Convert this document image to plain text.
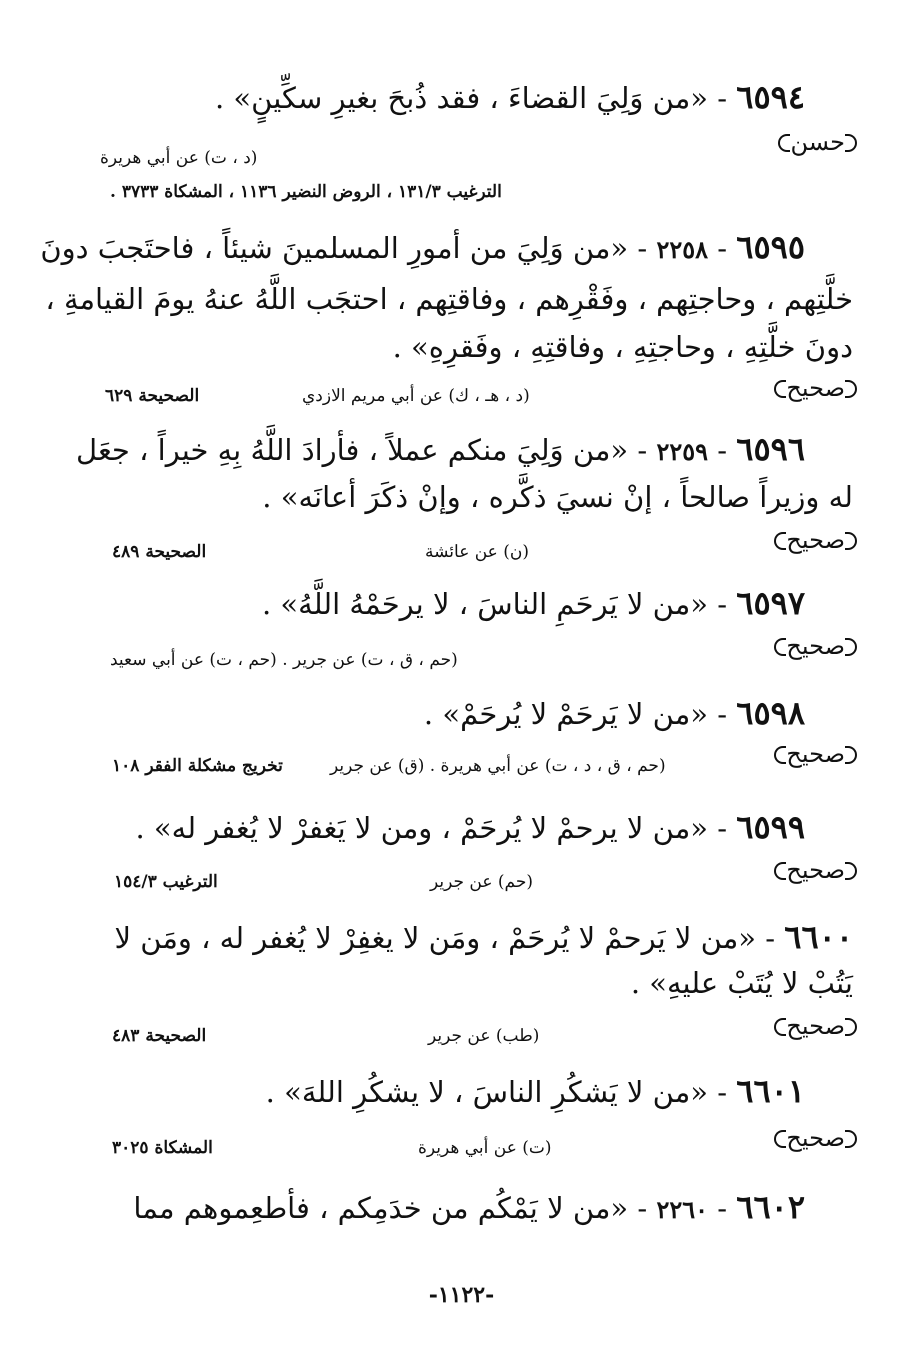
٦٥٩٤ - «من وَلِيَ القضاءَ ، فقد ذُبحَ بغيرِ سكِّينٍ» .
حسن
(د ، ت) عن أبي هريرة
الترغيب ١٣١/٣ ، الروض النضير ١١٣٦ ، المشكاة ٣٧٣٣ .
٦٥٩٥ - ٢٢٥٨ - «من وَلِيَ من أمورِ المسلمينَ شيئاً ، فاحتَجبَ دونَ
خلَّتِهم ، وحاجتِهم ، وفَقْرِهم ، وفاقتِهم ، احتجَب اللَّهُ عنهُ يومَ القيامةِ ،
دونَ خلَّتِهِ ، وحاجتِهِ ، وفاقتِهِ ، وفَقرِهِ» .
صحيح
(د ، هـ ، ك) عن أبي مريم الازدي
الصحيحة ٦٢٩
٦٥٩٦ - ٢٢٥٩ - «من وَلِيَ منكم عملاً ، فأرادَ اللَّهُ بِهِ خيراً ، جعَل
له وزيراً صالحاً ، إنْ نسيَ ذكَّره ، وإنْ ذكَرَ أعانَه» .
صحيح
(ن) عن عائشة
الصحيحة ٤٨٩
٦٥٩٧ - «من لا يَرحَمِ الناسَ ، لا يرحَمْهُ اللَّهُ» .
صحيح
(حم ، ق ، ت) عن جرير . (حم ، ت) عن أبي سعيد
٦٥٩٨ - «من لا يَرحَمْ لا يُرحَمْ» .
صحيح
(حم ، ق ، د ، ت) عن أبي هريرة . (ق) عن جرير
تخريج مشكلة الفقر ١٠٨
٦٥٩٩ - «من لا يرحمْ لا يُرحَمْ ، ومن لا يَغفرْ لا يُغفر له» .
صحيح
(حم) عن جرير
الترغيب ١٥٤/٣
٦٦٠٠ - «من لا يَرحمْ لا يُرحَمْ ، ومَن لا يغفِرْ لا يُغفر له ، ومَن لا
يَتُبْ لا يُتَبْ عليهِ» .
صحيح
(طب) عن جرير
الصحيحة ٤٨٣
٦٦٠١ - «من لا يَشكُرِ الناسَ ، لا يشكُرِ اللهَ» .
صحيح
(ت) عن أبي هريرة
المشكاة ٣٠٢٥
٦٦٠٢ - ٢٢٦٠ - «من لا يَمْكُم من خدَمِكم ، فأطعِموهم مما
-١١٢٢-
